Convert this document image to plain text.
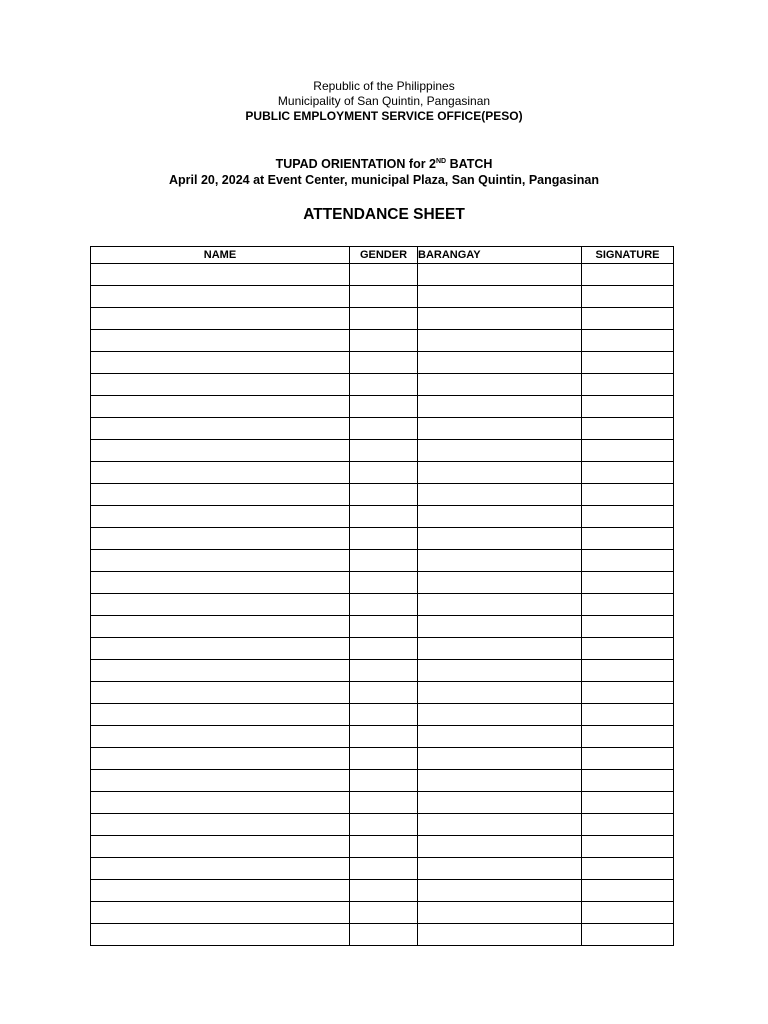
Republic of the Philippines
Municipality of San Quintin, Pangasinan
PUBLIC EMPLOYMENT SERVICE OFFICE(PESO)
TUPAD ORIENTATION for 2ND BATCH
April 20, 2024 at Event Center, municipal Plaza, San Quintin, Pangasinan
ATTENDANCE SHEET
NAME	GENDER	BARANGAY	SIGNATURE
